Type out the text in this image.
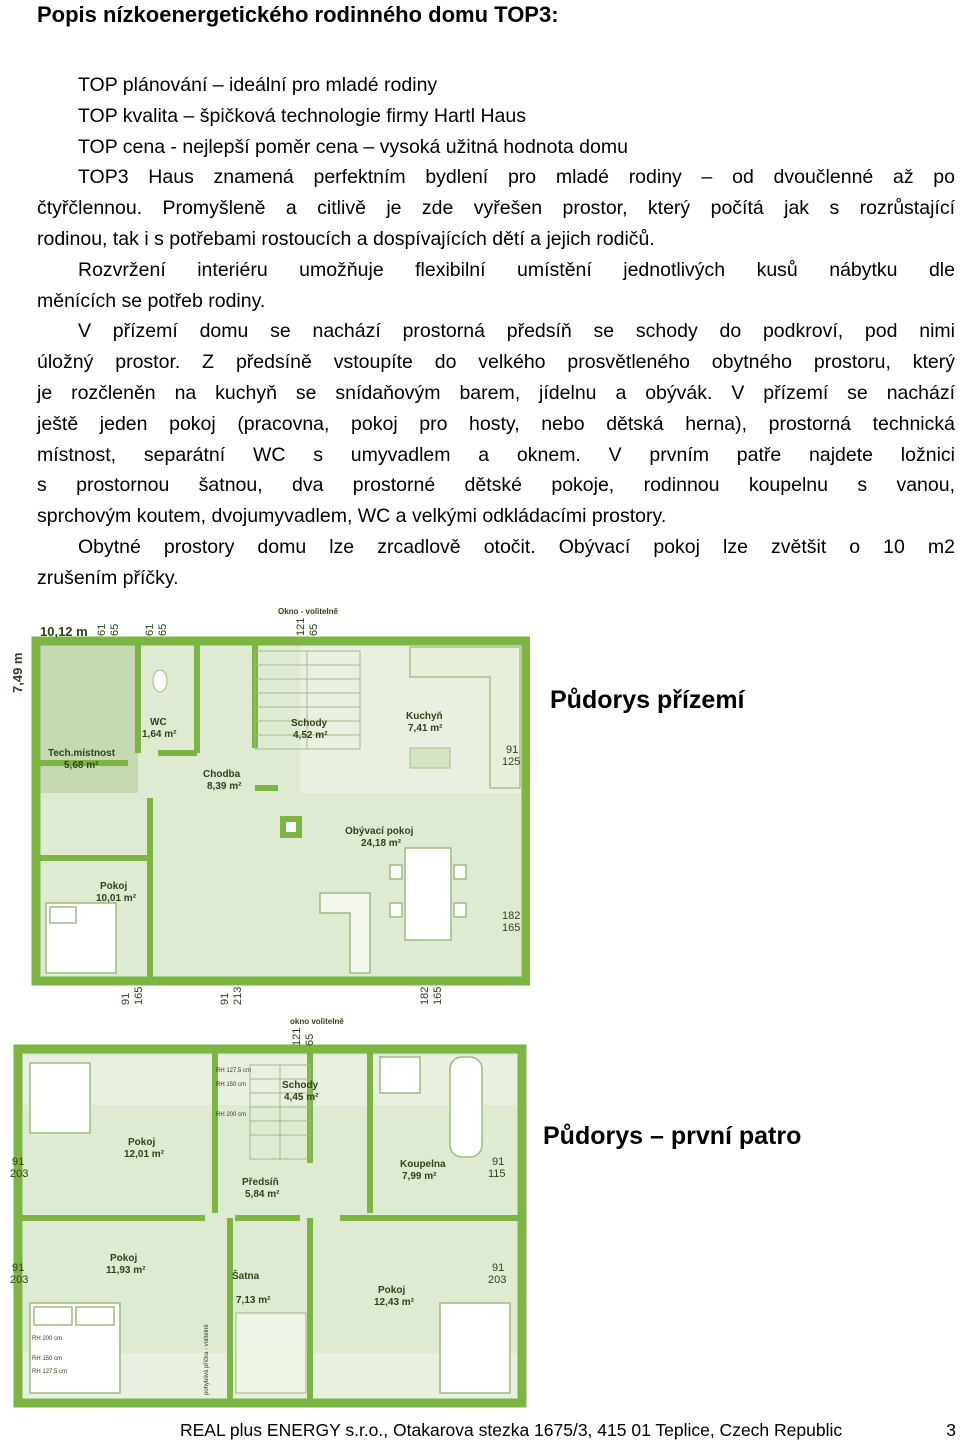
Popis nízkoenergetického rodinného domu TOP3:

TOP plánování – ideální pro mladé rodiny

TOP kvalita – špičková technologie firmy Hartl Haus

TOP cena - nejlepší poměr cena – vysoká užitná hodnota domu

TOP3 Haus znamená perfektním bydlení pro mladé rodiny – od dvoučlenné až po

čtyřčlennou. Promyšleně a citlivě je zde vyřešen prostor, který počítá jak s rozrůstající

rodinou, tak i s potřebami rostoucích a dospívajících dětí a jejich rodičů.

Rozvržení interiéru umožňuje flexibilní umístění jednotlivých kusů nábytku dle

měnících se potřeb rodiny.

V přízemí domu se nachází prostorná předsíň se schody do podkroví, pod nimi

úložný prostor. Z předsíně vstoupíte do velkého prosvětleného obytného prostoru, který

je rozčleněn na kuchyň se snídaňovým barem, jídelnu a obývák. V přízemí se nachází

ještě jeden pokoj (pracovna, pokoj pro hosty, nebo dětská herna), prostorná technická

místnost, separátní WC s umyvadlem a oknem. V prvním patře najdete ložnici

s prostornou šatnou, dva prostorné dětské pokoje, rodinnou koupelnu s vanou,

sprchovým koutem, dvojumyvadlem, WC a velkými odkládacími prostory.

Obytné prostory domu lze zrcadlově otočit. Obývací pokoj lze zvětšit o 10 m2

zrušením příčky.

10,12 m
7,49 m
Okno - volitelně
WC
1,64 m²
Schody
4,52 m²
Kuchyň
7,41 m²
Tech.místnost
5,68 m²
Chodba
8,39 m²
Obývací pokoj
24,18 m²
Pokoj
10,01 m²
61 65 61 65	121 65
91
125
182
165
91 165	91 213	182 165
Půdorys přízemí
okno volitelně
Schody
4,45 m²
Pokoj
12,01 m²
Předsíň
5,84 m²
Koupelna
7,99 m²
Pokoj
11,93 m²
Šatna
7,13 m²
Pokoj
12,43 m²
RH 127,5 cm
RH 150 cm
RH 200 cm
RH 200 cm
RH 150 cm
RH 127,5 cm	pohyblivá příčka - volitelně
121 65
91
203
91
115
91
203
91
203
Půdorys – první patro
REAL plus ENERGY s.r.o., Otakarova stezka 1675/3, 415 01 Teplice, Czech Republic	3
